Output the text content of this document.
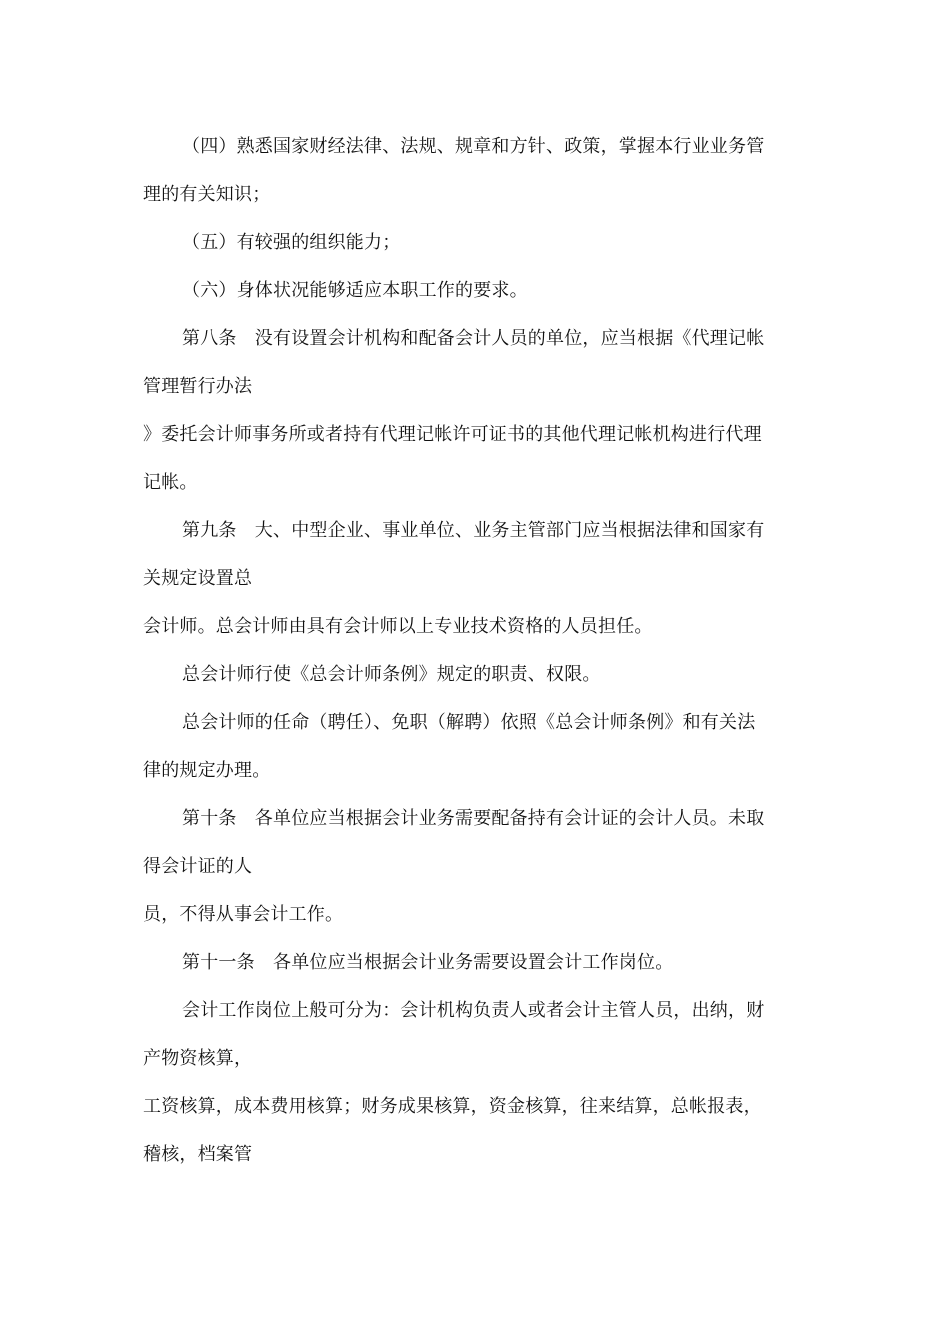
（四）熟悉国家财经法律、法规、规章和方针、政策，掌握本行业业务管
理的有关知识；
（五）有较强的组织能力；
（六）身体状况能够适应本职工作的要求。
第八条　没有设置会计机构和配备会计人员的单位，应当根据《代理记帐
管理暂行办法
》委托会计师事务所或者持有代理记帐许可证书的其他代理记帐机构进行代理
记帐。
第九条　大、中型企业、事业单位、业务主管部门应当根据法律和国家有
关规定设置总
会计师。总会计师由具有会计师以上专业技术资格的人员担任。
总会计师行使《总会计师条例》规定的职责、权限。
总会计师的任命（聘任）、免职（解聘）依照《总会计师条例》和有关法
律的规定办理。
第十条　各单位应当根据会计业务需要配备持有会计证的会计人员。未取
得会计证的人
员，不得从事会计工作。
第十一条　各单位应当根据会计业务需要设置会计工作岗位。
会计工作岗位上般可分为：会计机构负责人或者会计主管人员，出纳，财
产物资核算，
工资核算，成本费用核算；财务成果核算，资金核算，往来结算，总帐报表，
稽核，档案管
